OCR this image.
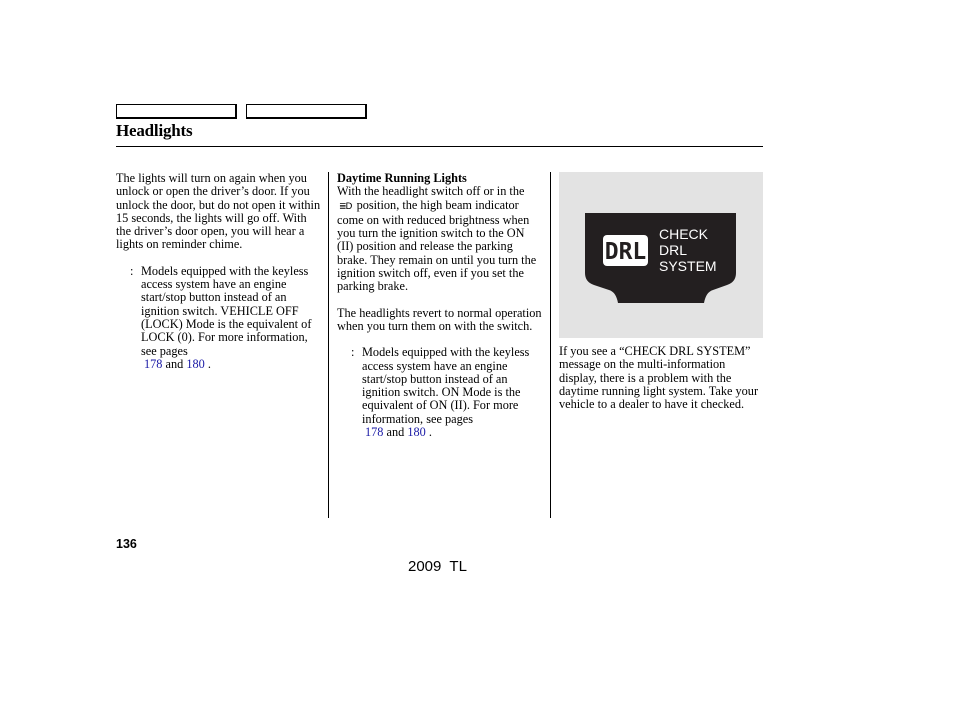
Headlights

The lights will turn on again when you unlock or open the driver’s door. If you unlock the door, but do not open it within 15 seconds, the lights will go off. With the driver’s door open, you will hear a lights on reminder chime.

: Models equipped with the keyless access system have an engine start/stop button instead of an ignition switch. VEHICLE OFF (LOCK) Mode is the equivalent of LOCK (0). For more information, see pages
178 and 180 .

Daytime Running Lights

With the headlight switch off or in the ≣D position, the high beam indicator come on with reduced brightness when you turn the ignition switch to the ON (II) position and release the parking brake. They remain on until you turn the ignition switch off, even if you set the parking brake.

The headlights revert to normal operation when you turn them on with the switch.

: Models equipped with the keyless access system have an engine start/stop button instead of an ignition switch. ON Mode is the equivalent of ON (II). For more information, see pages
178 and 180 .
DRL
CHECK
DRL
SYSTEM

If you see a “CHECK DRL SYSTEM” message on the multi-information display, there is a problem with the daytime running light system. Take your vehicle to a dealer to have it checked.

136
2009  TL
